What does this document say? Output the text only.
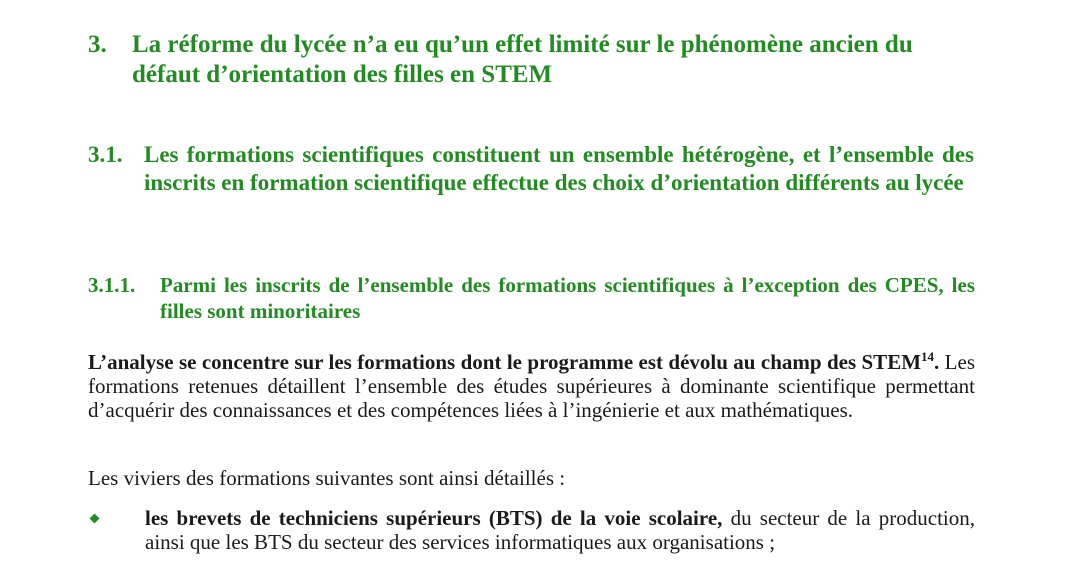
3. La réforme du lycée n’a eu qu’un effet limité sur le phénomène ancien du défaut d’orientation des filles en STEM
3.1. Les formations scientifiques constituent un ensemble hétérogène, et l’ensemble des inscrits en formation scientifique effectue des choix d’orientation différents au lycée
3.1.1. Parmi les inscrits de l’ensemble des formations scientifiques à l’exception des CPES, les filles sont minoritaires
L’analyse se concentre sur les formations dont le programme est dévolu au champ des STEM$^{14}$. Les formations retenues détaillent l’ensemble des études supérieures à dominante scientifique permettant d’acquérir des connaissances et des compétences liées à l’ingénierie et aux mathématiques.
Les viviers des formations suivantes sont ainsi détaillés :
les brevets de techniciens supérieurs (BTS) de la voie scolaire, du secteur de la production, ainsi que les BTS du secteur des services informatiques aux organisations ;
